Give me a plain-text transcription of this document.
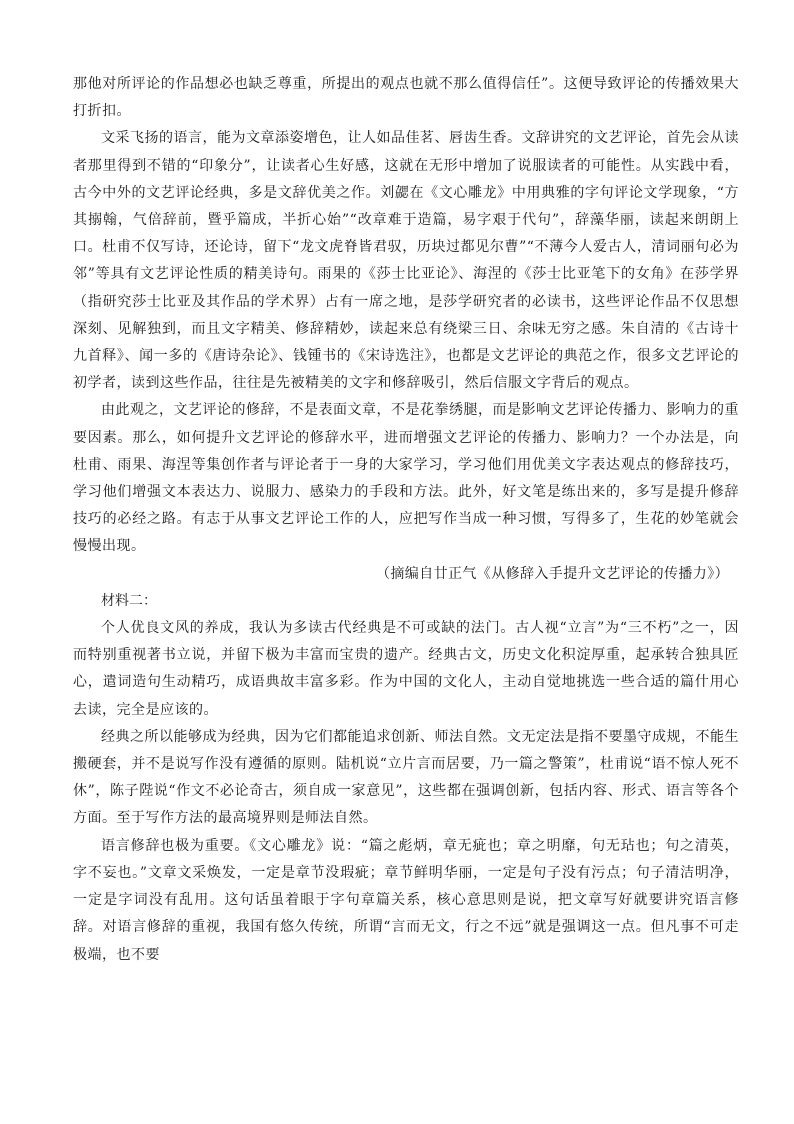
那他对所评论的作品想必也缺乏尊重，所提出的观点也就不那么值得信任”。这便导致评论的传播效果大打折扣。

文采飞扬的语言，能为文章添姿增色，让人如品佳茗、唇齿生香。文辞讲究的文艺评论，首先会从读者那里得到不错的“印象分”，让读者心生好感，这就在无形中增加了说服读者的可能性。从实践中看，古今中外的文艺评论经典，多是文辞优美之作。刘勰在《文心雕龙》中用典雅的字句评论文学现象，“方其搦翰，气倍辞前，暨乎篇成，半折心始”“改章难于造篇，易字艰于代句”，辞藻华丽，读起来朗朗上口。杜甫不仅写诗，还论诗，留下“龙文虎脊皆君驭，历块过都见尔曹”“不薄今人爱古人，清词丽句必为邻”等具有文艺评论性质的精美诗句。雨果的《莎士比亚论》、海涅的《莎士比亚笔下的女角》在莎学界（指研究莎士比亚及其作品的学术界）占有一席之地，是莎学研究者的必读书，这些评论作品不仅思想深刻、见解独到，而且文字精美、修辞精妙，读起来总有绕梁三日、余味无穷之感。朱自清的《古诗十九首释》、闻一多的《唐诗杂论》、钱锺书的《宋诗选注》，也都是文艺评论的典范之作，很多文艺评论的初学者，读到这些作品，往往是先被精美的文字和修辞吸引，然后信服文字背后的观点。

由此观之，文艺评论的修辞，不是表面文章，不是花拳绣腿，而是影响文艺评论传播力、影响力的重要因素。那么，如何提升文艺评论的修辞水平，进而增强文艺评论的传播力、影响力？一个办法是，向杜甫、雨果、海涅等集创作者与评论者于一身的大家学习，学习他们用优美文字表达观点的修辞技巧，学习他们增强文本表达力、说服力、感染力的手段和方法。此外，好文笔是练出来的，多写是提升修辞技巧的必经之路。有志于从事文艺评论工作的人，应把写作当成一种习惯，写得多了，生花的妙笔就会慢慢出现。

（摘编自廿正气《从修辞入手提升文艺评论的传播力》）

材料二：

个人优良文风的养成，我认为多读古代经典是不可或缺的法门。古人视“立言”为“三不朽”之一，因而特别重视著书立说，并留下极为丰富而宝贵的遗产。经典古文，历史文化积淀厚重，起承转合独具匠心，遣词造句生动精巧，成语典故丰富多彩。作为中国的文化人，主动自觉地挑选一些合适的篇什用心去读，完全是应该的。

经典之所以能够成为经典，因为它们都能追求创新、师法自然。文无定法是指不要墨守成规，不能生搬硬套，并不是说写作没有遵循的原则。陆机说“立片言而居要，乃一篇之警策”，杜甫说“语不惊人死不休”，陈子陛说“作文不必论奇古，须自成一家意见”，这些都在强调创新，包括内容、形式、语言等各个方面。至于写作方法的最高境界则是师法自然。

语言修辞也极为重要。《文心雕龙》说：“篇之彪炳，章无疵也；章之明靡，句无玷也；句之清英，字不妄也。”文章文采焕发，一定是章节没瑕疵；章节鲜明华丽，一定是句子没有污点；句子清洁明净，一定是字词没有乱用。这句话虽着眼于字句章篇关系，核心意思则是说，把文章写好就要讲究语言修辞。对语言修辞的重视，我国有悠久传统，所谓“言而无文，行之不远”就是强调这一点。但凡事不可走极端，也不要
